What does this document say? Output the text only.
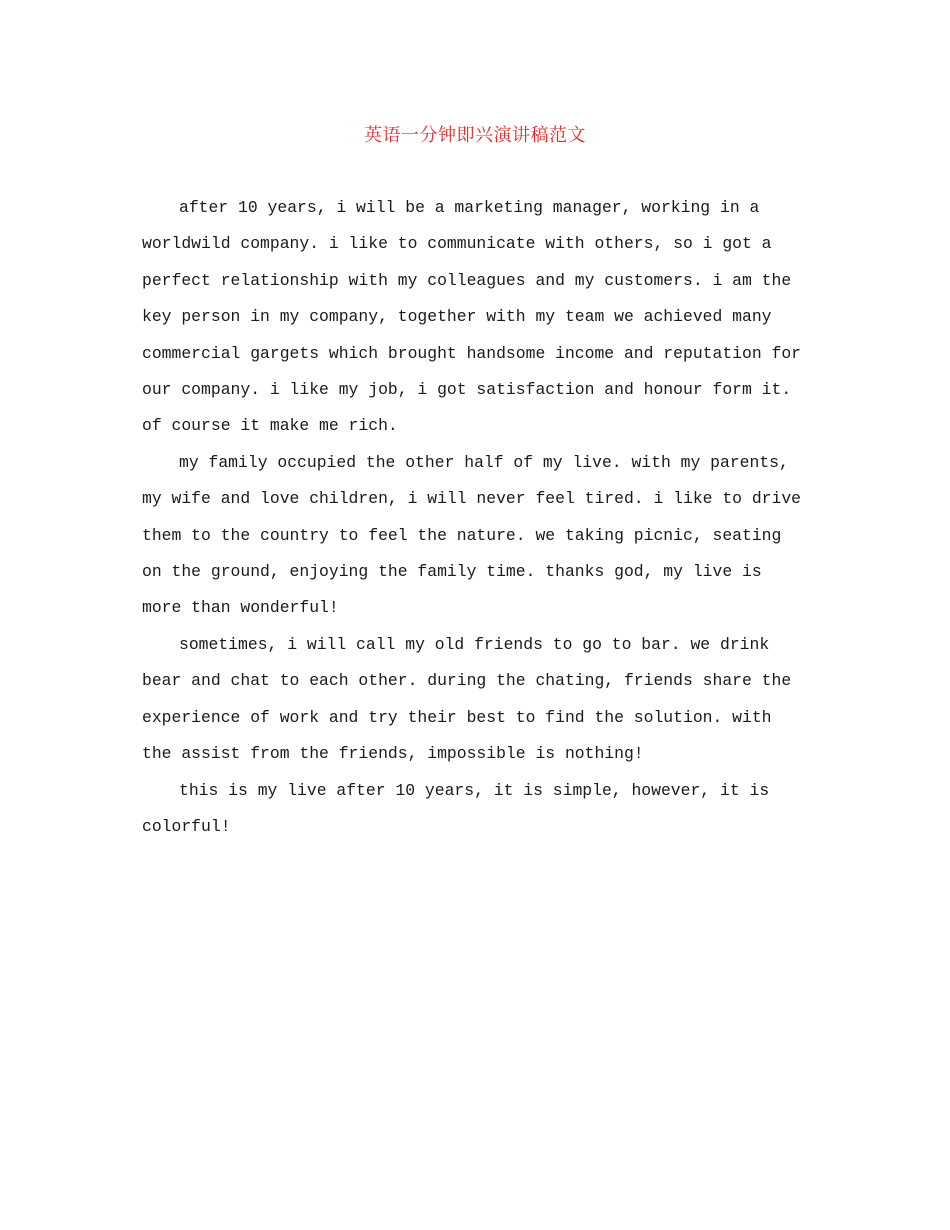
英语一分钟即兴演讲稿范文

after 10 years, i will be a marketing manager, working in a worldwild company. i like to communicate with others, so i got a perfect relationship with my colleagues and my customers. i am the key person in my company, together with my team we achieved many commercial gargets which brought handsome income and reputation for our company. i like my job, i got satisfaction and honour form it. of course it make me rich.

my family occupied the other half of my live. with my parents, my wife and love children, i will never feel tired. i like to drive them to the country to feel the nature. we taking picnic, seating on the ground, enjoying the family time. thanks god, my live is more than wonderful!

sometimes, i will call my old friends to go to bar. we drink bear and chat to each other. during the chating, friends share the experience of work and try their best to find the solution. with the assist from the friends, impossible is nothing!

this is my live after 10 years, it is simple, however, it is colorful!
